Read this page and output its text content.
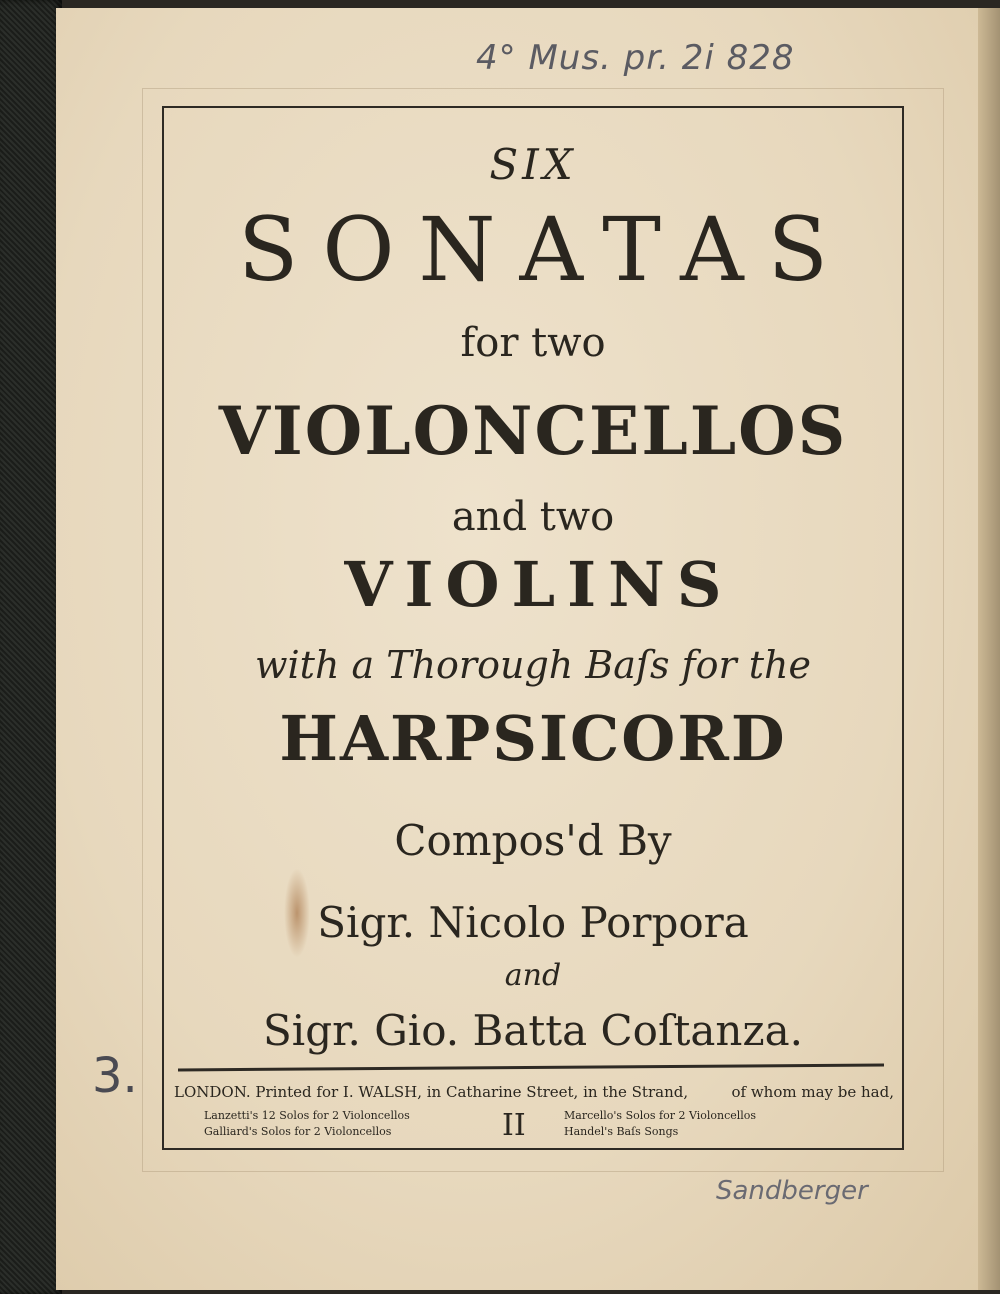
4° Mus. pr. 2i 828
3.
Sandberger
SIX
SONATAS
for two
VIOLONCELLOS
and two
VIOLINS
with a Thorough Baſs for the
HARPSICORD
Compos'd By
Sigr. Nicolo Porpora
and
Sigr. Gio. Batta Coſtanza.
LONDON. Printed for I. WALSH, in Catharine Street, in the Strand,	of whom may be had,
Lanzetti's 12 Solos for 2 Violoncellos
Galliard's Solos for 2 Violoncellos	II	Marcello's Solos for 2 Violoncellos
Handel's Baſs Songs
